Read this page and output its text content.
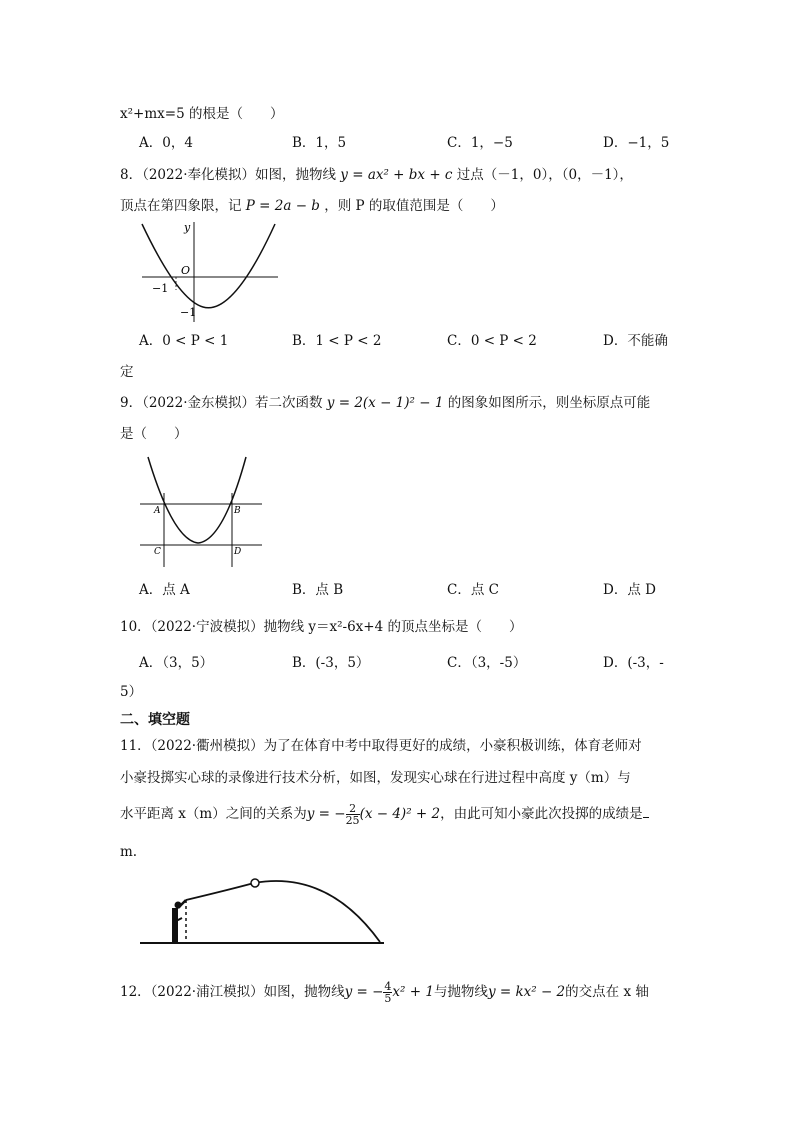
x²+mx=5 的根是（　　）
A．0，4	B．1，5	C．1，−5	D．−1，5
8．（2022·奉化模拟）如图，抛物线 y = ax² + bx + c 过点（－1，0），（0，－1），
顶点在第四象限，记 P = 2a − b ，则 P 的取值范围是（　　）
y
O
−1
−1
A．0 < P < 1	B．1 < P < 2	C．0 < P < 2	D．不能确
定
9．（2022·金东模拟）若二次函数 y = 2(x − 1)² − 1 的图象如图所示，则坐标原点可能
是（　　）
A	B
C	D
A．点 A	B．点 B	C．点 C	D．点 D
10．（2022·宁波模拟）抛物线 y＝x²-6x+4 的顶点坐标是（　　）
A．（3，5）	B．(-3，5）	C．（3，-5）	D．(-3，-
5）
二、填空题
11．（2022·衢州模拟）为了在体育中考中取得更好的成绩，小豪积极训练，体育老师对
小豪投掷实心球的录像进行技术分析，如图，发现实心球在行进过程中高度 y（m）与
水平距离 x（m）之间的关系为y = − $\frac{2}{25} (x - 4)^2 + 2$，由此可知小豪此次投掷的成绩是
m.
12．（2022·浦江模拟）如图，抛物线y = − $\frac{4}{5} x^2 + 1$与抛物线y = kx² − 2的交点在 x 轴
